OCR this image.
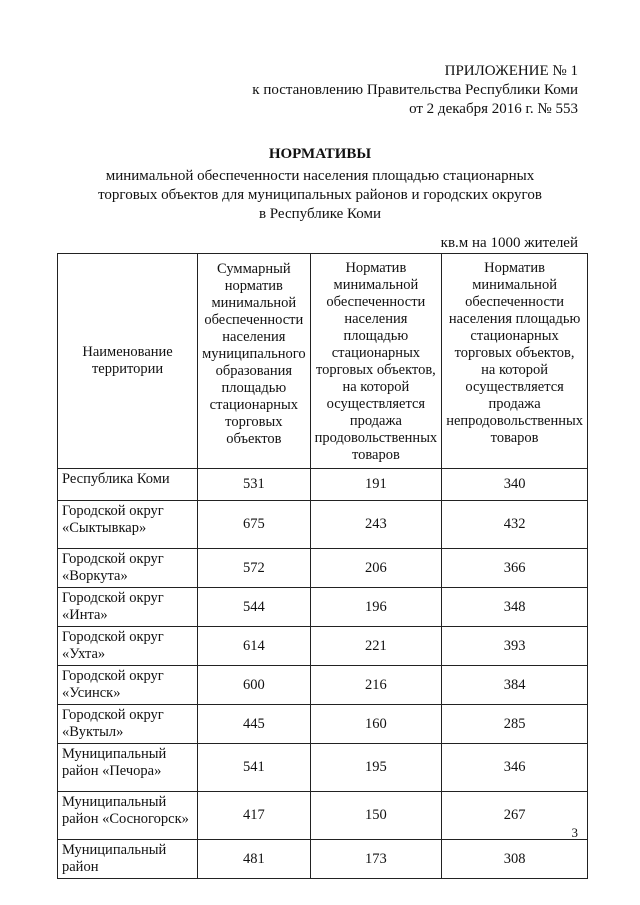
ПРИЛОЖЕНИЕ № 1
к постановлению Правительства Республики Коми
от 2 декабря 2016 г. № 553
НОРМАТИВЫ
минимальной обеспеченности населения площадью стационарных
торговых объектов для муниципальных районов и городских округов
в Республике Коми
кв.м на 1000 жителей
Наименование территории	Суммарный норматив минимальной обеспеченности населения муниципального образования площадью стационарных торговых объектов	Норматив минимальной обеспеченности населения площадью стационарных торговых объектов, на которой осуществляется продажа продовольственных товаров	Норматив минимальной обеспеченности населения площадью стационарных торговых объектов, на которой осуществляется продажа непродовольственных товаров
Республика Коми	531	191	340
Городской округ «Сыктывкар»	675	243	432
Городской округ «Воркута»	572	206	366
Городской округ «Инта»	544	196	348
Городской округ «Ухта»	614	221	393
Городской округ «Усинск»	600	216	384
Городской округ «Вуктыл»	445	160	285
Муниципальный район «Печора»	541	195	346
Муниципальный район «Сосногорск»	417	150	267
Муниципальный район	481	173	308
3
